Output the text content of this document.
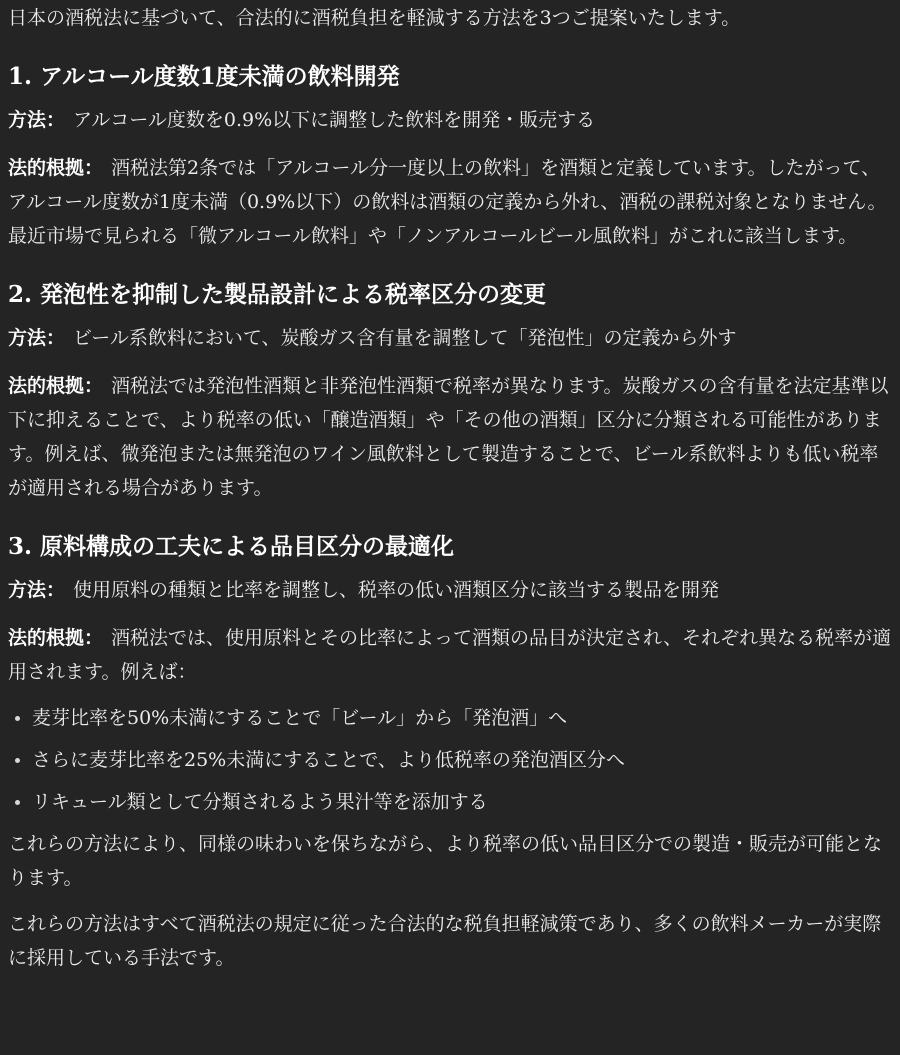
日本の酒税法に基づいて、合法的に酒税負担を軽減する方法を3つご提案いたします。

1. アルコール度数1度未満の飲料開発

方法： アルコール度数を0.9%以下に調整した飲料を開発・販売する

法的根拠： 酒税法第2条では「アルコール分一度以上の飲料」を酒類と定義しています。したがって、アルコール度数が1度未満（0.9%以下）の飲料は酒類の定義から外れ、酒税の課税対象となりません。最近市場で見られる「微アルコール飲料」や「ノンアルコールビール風飲料」がこれに該当します。

2. 発泡性を抑制した製品設計による税率区分の変更

方法： ビール系飲料において、炭酸ガス含有量を調整して「発泡性」の定義から外す

法的根拠： 酒税法では発泡性酒類と非発泡性酒類で税率が異なります。炭酸ガスの含有量を法定基準以下に抑えることで、より税率の低い「醸造酒類」や「その他の酒類」区分に分類される可能性があります。例えば、微発泡または無発泡のワイン風飲料として製造することで、ビール系飲料よりも低い税率が適用される場合があります。

3. 原料構成の工夫による品目区分の最適化

方法： 使用原料の種類と比率を調整し、税率の低い酒類区分に該当する製品を開発

法的根拠： 酒税法では、使用原料とその比率によって酒類の品目が決定され、それぞれ異なる税率が適用されます。例えば：

麦芽比率を50%未満にすることで「ビール」から「発泡酒」へ
さらに麦芽比率を25%未満にすることで、より低税率の発泡酒区分へ
リキュール類として分類されるよう果汁等を添加する

これらの方法により、同様の味わいを保ちながら、より税率の低い品目区分での製造・販売が可能となります。

これらの方法はすべて酒税法の規定に従った合法的な税負担軽減策であり、多くの飲料メーカーが実際に採用している手法です。
